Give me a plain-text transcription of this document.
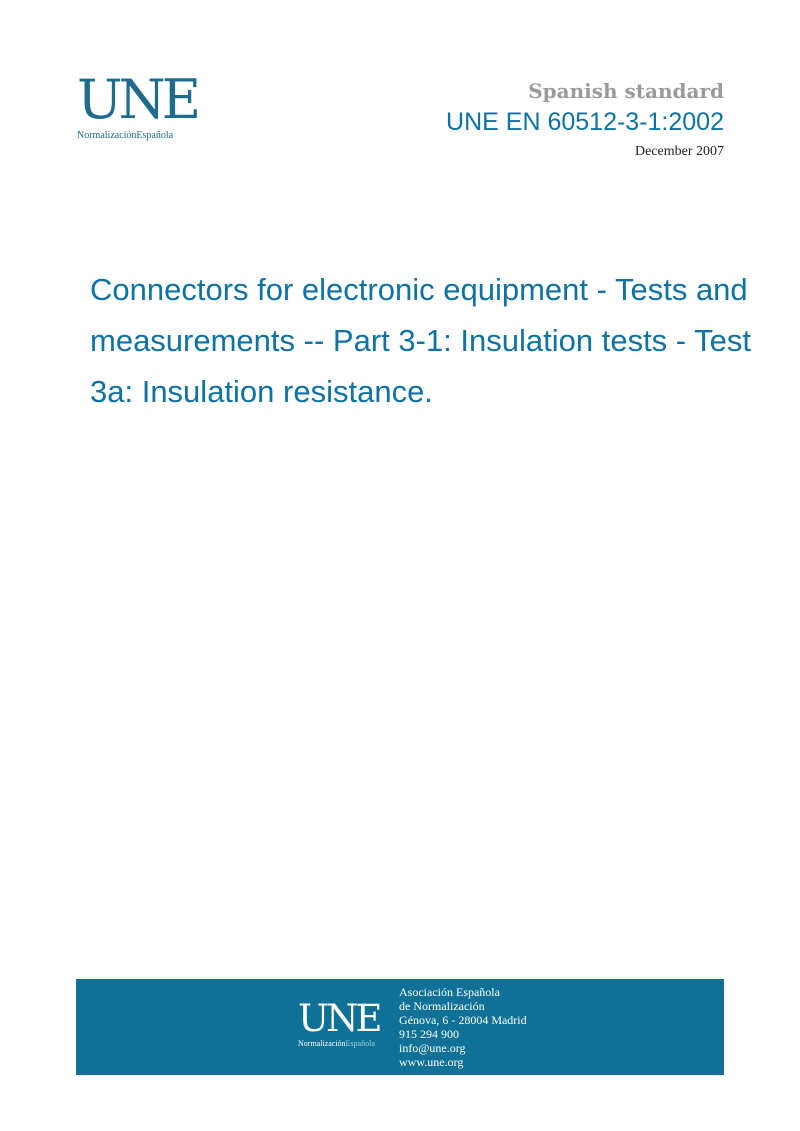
UNE
NormalizaciónEspañola
Spanish standard
UNE EN 60512-3-1:2002
December 2007
Connectors for electronic equipment - Tests and measurements -- Part 3-1: Insulation tests - Test 3a: Insulation resistance.
UNE
NormalizaciónEspañola
Asociación Española
de Normalización
Génova, 6 - 28004 Madrid
915 294 900
info@une.org
www.une.org
